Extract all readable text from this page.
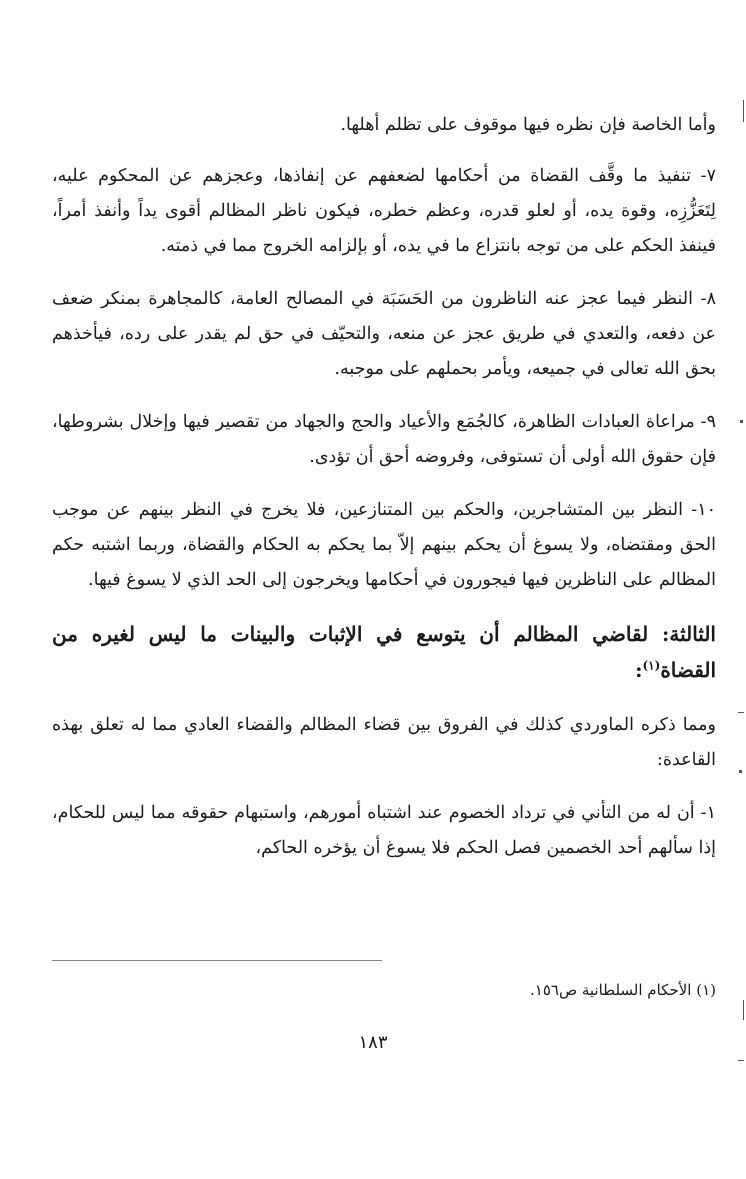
وأما الخاصة فإن نظره فيها موقوف على تظلم أهلها.

٧- تنفيذ ما وقَّف القضاة من أحكامها لضعفهم عن إنفاذها، وعجزهم عن المحكوم عليه، لِتَعَزُّزِه، وقوة يده، أو لعلو قدره، وعظم خطره، فيكون ناظر المظالم أقوى يداً وأنفذ أمراً، فينفذ الحكم على من توجه بانتزاع ما في يده، أو بإلزامه الخروج مما في ذمته.

٨- النظر فيما عجز عنه الناظرون من الحَسَبَة في المصالح العامة، كالمجاهرة بمنكر ضعف عن دفعه، والتعدي في طريق عجز عن منعه، والتحيّف في حق لم يقدر على رده، فيأخذهم بحق الله تعالى في جميعه، ويأمر بحملهم على موجبه.

٩- مراعاة العبادات الظاهرة، كالجُمَع والأعياد والحج والجهاد من تقصير فيها وإخلال بشروطها، فإن حقوق الله أولى أن تستوفى، وفروضه أحق أن تؤدى.

١٠- النظر بين المتشاجرين، والحكم بين المتنازعين، فلا يخرج في النظر بينهم عن موجب الحق ومقتضاه، ولا يسوغ أن يحكم بينهم إلاّ بما يحكم به الحكام والقضاة، وربما اشتبه حكم المظالم على الناظرين فيها فيجورون في أحكامها ويخرجون إلى الحد الذي لا يسوغ فيها.

الثالثة: لقاضي المظالم أن يتوسع في الإثبات والبينات ما ليس لغيره من القضاة$^{(١)}$:

ومما ذكره الماوردي كذلك في الفروق بين قضاء المظالم والقضاء العادي مما له تعلق بهذه القاعدة:

١- أن له من التأني في ترداد الخصوم عند اشتباه أمورهم، واستبهام حقوقه مما ليس للحكام، إذا سألهم أحد الخصمين فصل الحكم فلا يسوغ أن يؤخره الحاكم،

(١) الأحكام السلطانية ص١٥٦.
١٨٣
